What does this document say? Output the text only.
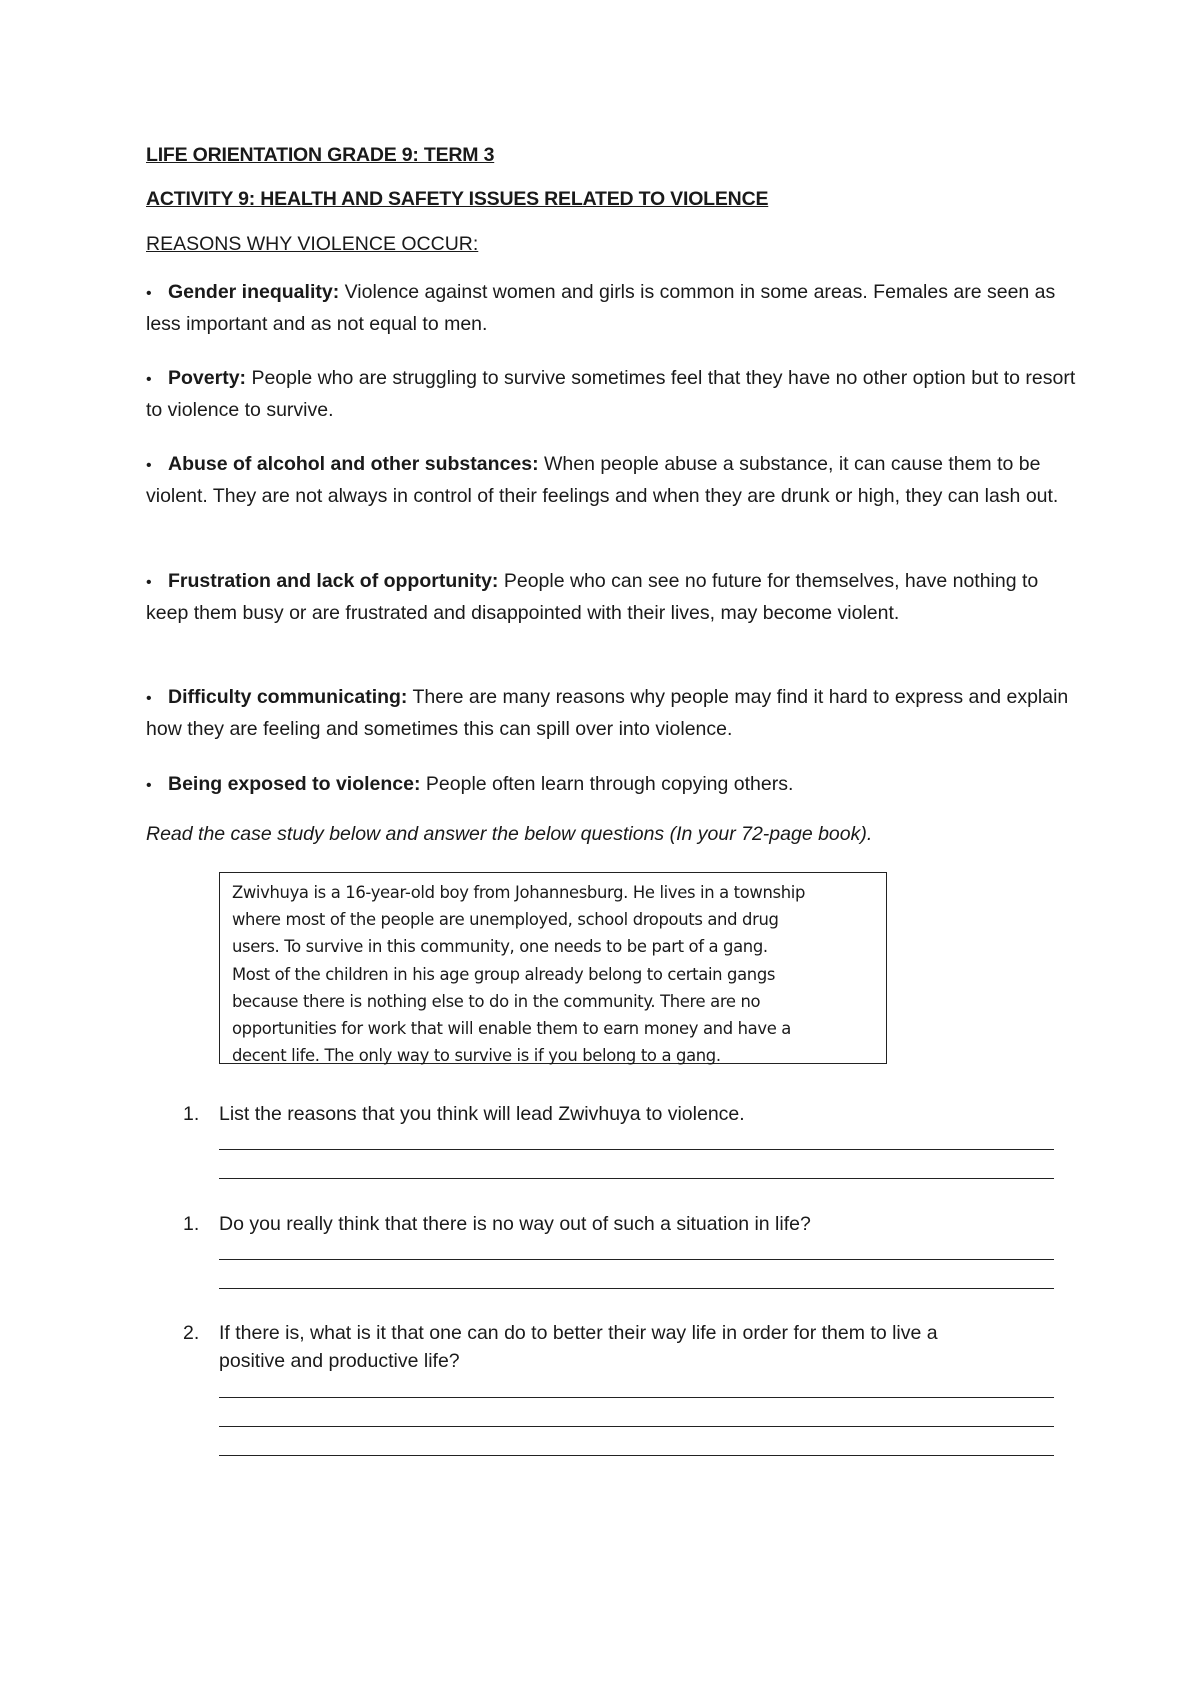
LIFE ORIENTATION GRADE 9: TERM 3
ACTIVITY 9: HEALTH AND SAFETY ISSUES RELATED TO VIOLENCE
REASONS WHY VIOLENCE OCCUR:
• Gender inequality: Violence against women and girls is common in some areas. Females are seen as less important and as not equal to men.
• Poverty: People who are struggling to survive sometimes feel that they have no other option but to resort to violence to survive.
• Abuse of alcohol and other substances: When people abuse a substance, it can cause them to be violent. They are not always in control of their feelings and when they are drunk or high, they can lash out.
• Frustration and lack of opportunity: People who can see no future for themselves, have nothing to keep them busy or are frustrated and disappointed with their lives, may become violent.
• Difficulty communicating: There are many reasons why people may find it hard to express and explain how they are feeling and sometimes this can spill over into violence.
• Being exposed to violence: People often learn through copying others.
Read the case study below and answer the below questions (In your 72-page book).
Zwivhuya is a 16-year-old boy from Johannesburg. He lives in a township
where most of the people are unemployed, school dropouts and drug
users. To survive in this community, one needs to be part of a gang.
Most of the children in his age group already belong to certain gangs
because there is nothing else to do in the community. There are no
opportunities for work that will enable them to earn money and have a
decent life. The only way to survive is if you belong to a gang.
1. List the reasons that you think will lead Zwivhuya to violence.
1. Do you really think that there is no way out of such a situation in life?
2. If there is, what is it that one can do to better their way life in order for them to live a positive and productive life?
